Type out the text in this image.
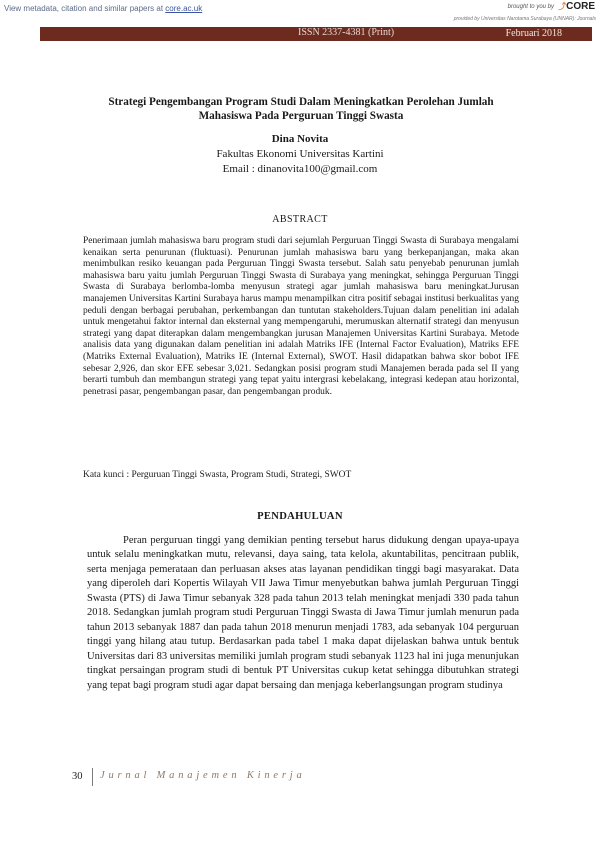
View metadata, citation and similar papers at core.ac.uk	brought to you by ⤴CORE
provided by Universitas Narotama Surabaya (UNNAR): Journals
ISSN 2337-4381 (Print)	Februari 2018
Strategi Pengembangan Program Studi Dalam Meningkatkan Perolehan Jumlah
Mahasiswa Pada Perguruan Tinggi Swasta
Dina Novita
Fakultas Ekonomi Universitas Kartini
Email : dinanovita100@gmail.com
ABSTRACT

Penerimaan jumlah mahasiswa baru program studi dari sejumlah Perguruan Tinggi Swasta di Surabaya mengalami kenaikan serta penurunan (fluktuasi). Penurunan jumlah mahasiswa baru yang berkepanjangan, maka akan menimbulkan resiko keuangan pada Perguruan Tinggi Swasta tersebut. Salah satu penyebab penurunan jumlah mahasiswa baru yaitu jumlah Perguruan Tinggi Swasta di Surabaya yang meningkat, sehingga Perguruan Tinggi Swasta di Surabaya berlomba-lomba menyusun strategi agar jumlah mahasiswa baru meningkat.Jurusan manajemen Universitas Kartini Surabaya harus mampu menampilkan citra positif sebagai institusi berkualitas yang peduli dengan berbagai perubahan, perkembangan dan tuntutan stakeholders.Tujuan dalam penelitian ini adalah untuk mengetahui faktor internal dan eksternal yang mempengaruhi, merumuskan alternatif strategi dan menyusun strategi yang dapat diterapkan dalam mengembangkan jurusan Manajemen Universitas Kartini Surabaya. Metode analisis data yang digunakan dalam penelitian ini adalah Matriks IFE (Internal Factor Evaluation), Matriks EFE (Matriks External Evaluation), Matriks IE (Internal External), SWOT. Hasil didapatkan bahwa skor bobot IFE sebesar 2,926, dan skor EFE sebesar 3,021. Sedangkan posisi program studi Manajemen berada pada sel II yang berarti tumbuh dan membangun strategi yang tepat yaitu intergrasi kebelakang, integrasi kedepan atau horizontal, penetrasi pasar, pengembangan pasar, dan pengembangan produk.

Kata kunci : Perguruan Tinggi Swasta, Program Studi, Strategi, SWOT

PENDAHULUAN

Peran perguruan tinggi yang demikian penting tersebut harus didukung dengan upaya-upaya untuk selalu meningkatkan mutu, relevansi, daya saing, tata kelola, akuntabilitas, pencitraan publik, serta menjaga pemerataan dan perluasan akses atas layanan pendidikan tinggi bagi masyarakat. Data yang diperoleh dari Kopertis Wilayah VII Jawa Timur menyebutkan bahwa jumlah Perguruan Tinggi Swasta (PTS) di Jawa Timur sebanyak 328 pada tahun 2013 telah meningkat menjadi 330 pada tahun 2018. Sedangkan jumlah program studi Perguruan Tinggi Swasta di Jawa Timur jumlah menurun pada tahun 2013 sebanyak 1887 dan pada tahun 2018 menurun menjadi 1783, ada sebanyak 104 perguruan tinggi yang hilang atau tutup. Berdasarkan pada tabel 1 maka dapat dijelaskan bahwa untuk bentuk Universitas dari 83 universitas memiliki jumlah program studi sebanyak 1123 hal ini juga menunjukan tingkat persaingan program studi di bentuk PT Universitas cukup ketat sehingga dibutuhkan strategi yang tepat bagi program studi agar dapat bersaing dan menjaga keberlangsungan program studinya

30 Jurnal Manajemen Kinerja
